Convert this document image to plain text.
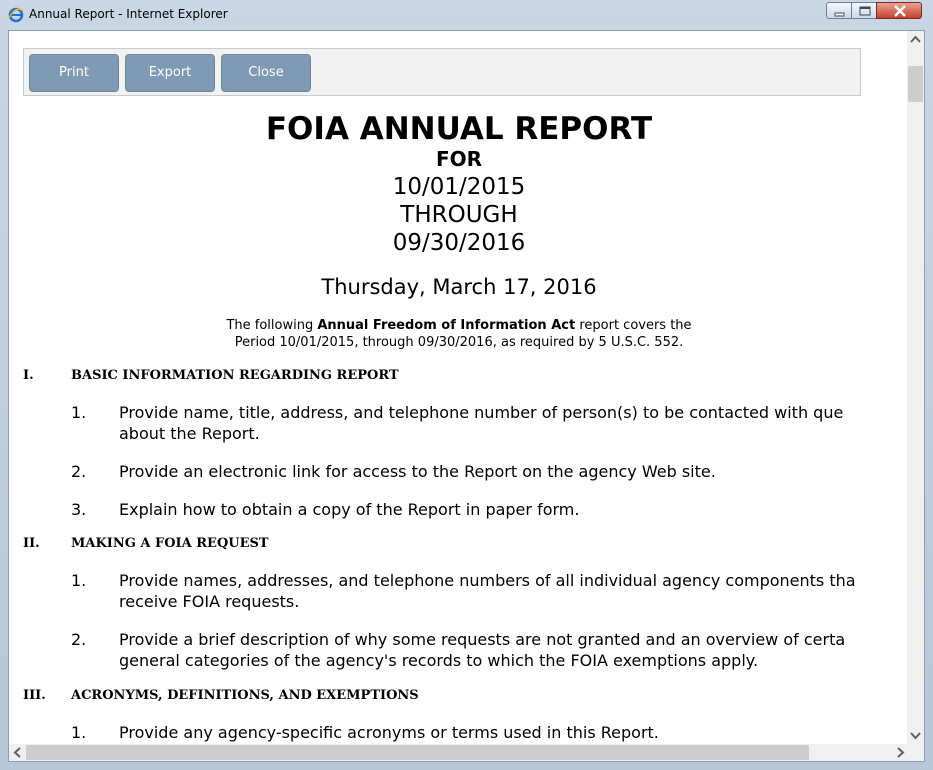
Annual Report - Internet Explorer
Print	Export	Close
FOIA ANNUAL REPORT
FOR
10/01/2015
THROUGH
09/30/2016
Thursday, March 17, 2016
The following Annual Freedom of Information Act report covers the
Period 10/01/2015, through 09/30/2016, as required by 5 U.S.C. 552.
I.	BASIC INFORMATION REGARDING REPORT
1. Provide name, title, address, and telephone number of person(s) to be contacted with que
about the Report.
2. Provide an electronic link for access to the Report on the agency Web site.
3. Explain how to obtain a copy of the Report in paper form.
II. MAKING A FOIA REQUEST
1. Provide names, addresses, and telephone numbers of all individual agency components tha
receive FOIA requests.
2. Provide a brief description of why some requests are not granted and an overview of certa
general categories of the agency's records to which the FOIA exemptions apply.
III. ACRONYMS, DEFINITIONS, AND EXEMPTIONS
1. Provide any agency-specific acronyms or terms used in this Report.
